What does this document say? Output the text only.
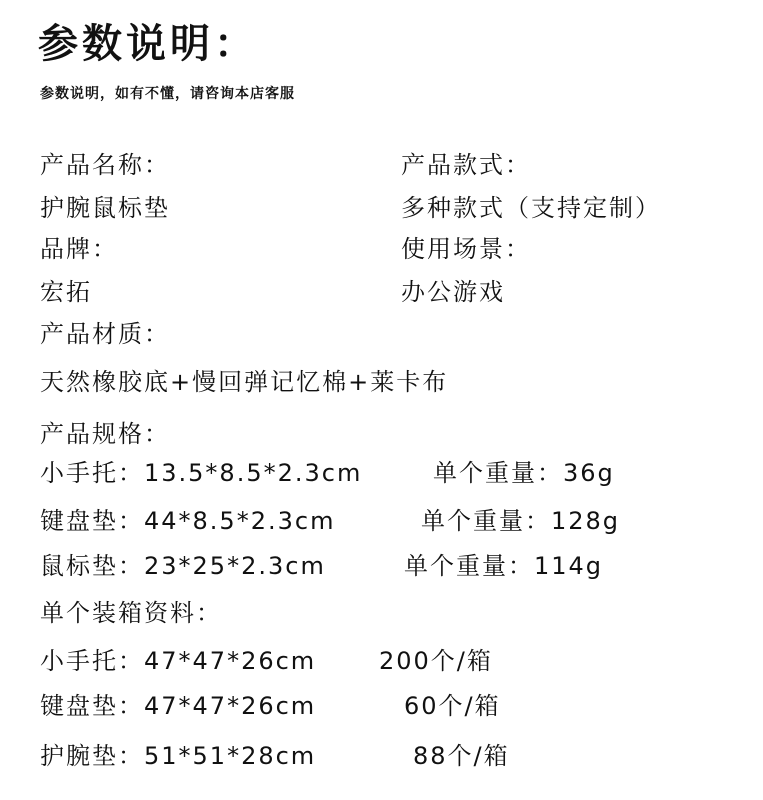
参数说明：
参数说明，如有不懂，请咨询本店客服
产品名称：	产品款式：
护腕鼠标垫	多种款式（支持定制）
品牌：	使用场景：
宏拓	办公游戏
产品材质：
天然橡胶底+慢回弹记忆棉+莱卡布
产品规格：
小手托：13.5*8.5*2.3cm	单个重量：36g
键盘垫：44*8.5*2.3cm	单个重量：128g
鼠标垫：23*25*2.3cm	单个重量：114g
单个装箱资料：
小手托：47*47*26cm	200个/箱
键盘垫：47*47*26cm	60个/箱
护腕垫：51*51*28cm	88个/箱
